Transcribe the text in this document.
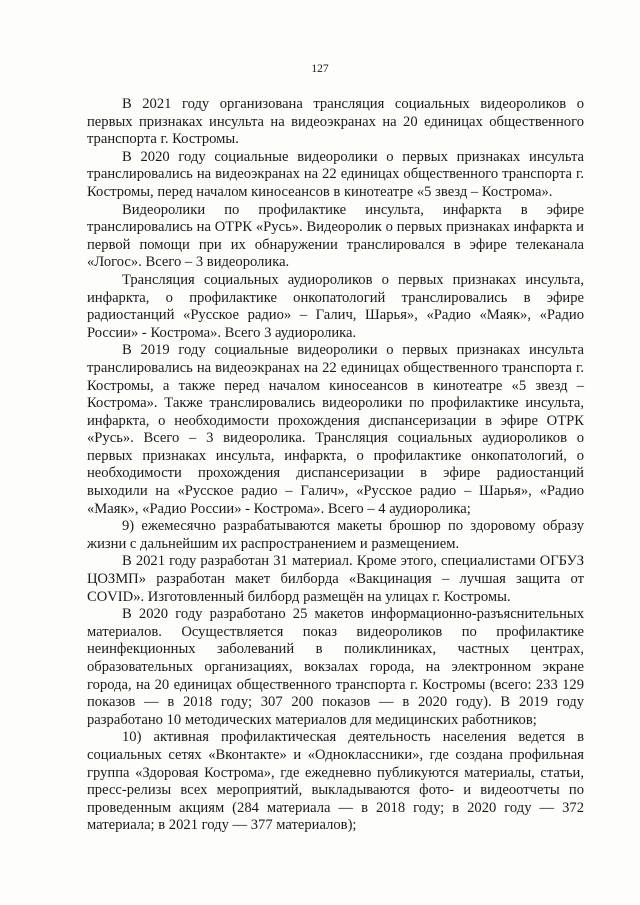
127

В 2021 году организована трансляция социальных видеороликов о первых признаках инсульта на видеоэкранах на 20 единицах общественного транспорта г. Костромы.

В 2020 году социальные видеоролики о первых признаках инсульта транслировались на видеоэкранах на 22 единицах общественного транспорта г. Костромы, перед началом киносеансов в кинотеатре «5 звезд – Кострома».

Видеоролики по профилактике инсульта, инфаркта в эфире транслировались на ОТРК «Русь». Видеоролик о первых признаках инфаркта и первой помощи при их обнаружении транслировался в эфире телеканала «Логос». Всего – 3 видеоролика.

Трансляция социальных аудиороликов о первых признаках инсульта, инфаркта, о профилактике онкопатологий транслировались в эфире радиостанций «Русское радио» – Галич, Шарья», «Радио «Маяк», «Радио России» - Кострома». Всего 3 аудиоролика.

В 2019 году социальные видеоролики о первых признаках инсульта транслировались на видеоэкранах на 22 единицах общественного транспорта г. Костромы, а также перед началом киносеансов в кинотеатре «5 звезд – Кострома». Также транслировались видеоролики по профилактике инсульта, инфаркта, о необходимости прохождения диспансеризации в эфире ОТРК «Русь». Всего – 3 видеоролика. Трансляция социальных аудиороликов о первых признаках инсульта, инфаркта, о профилактике онкопатологий, о необходимости прохождения диспансеризации в эфире радиостанций выходили на «Русское радио – Галич», «Русское радио – Шарья», «Радио «Маяк», «Радио России» - Кострома». Всего – 4 аудиоролика;

9) ежемесячно разрабатываются макеты брошюр по здоровому образу жизни с дальнейшим их распространением и размещением.

В 2021 году разработан 31 материал. Кроме этого, специалистами ОГБУЗ ЦОЗМП» разработан макет билборда «Вакцинация – лучшая защита от COVID». Изготовленный билборд размещён на улицах г. Костромы.

В 2020 году разработано 25 макетов информационно-разъяснительных материалов. Осуществляется показ видеороликов по профилактике неинфекционных заболеваний в поликлиниках, частных центрах, образовательных организациях, вокзалах города, на электронном экране города, на 20 единицах общественного транспорта г. Костромы (всего: 233 129 показов — в 2018 году; 307 200 показов — в 2020 году). В 2019 году разработано 10 методических материалов для медицинских работников;

10) активная профилактическая деятельность населения ведется в социальных сетях «Вконтакте» и «Одноклассники», где создана профильная группа «Здоровая Кострома», где ежедневно публикуются материалы, статьи, пресс-релизы всех мероприятий, выкладываются фото- и видеоотчеты по проведенным акциям (284 материала — в 2018 году; в 2020 году — 372 материала; в 2021 году — 377 материалов);
